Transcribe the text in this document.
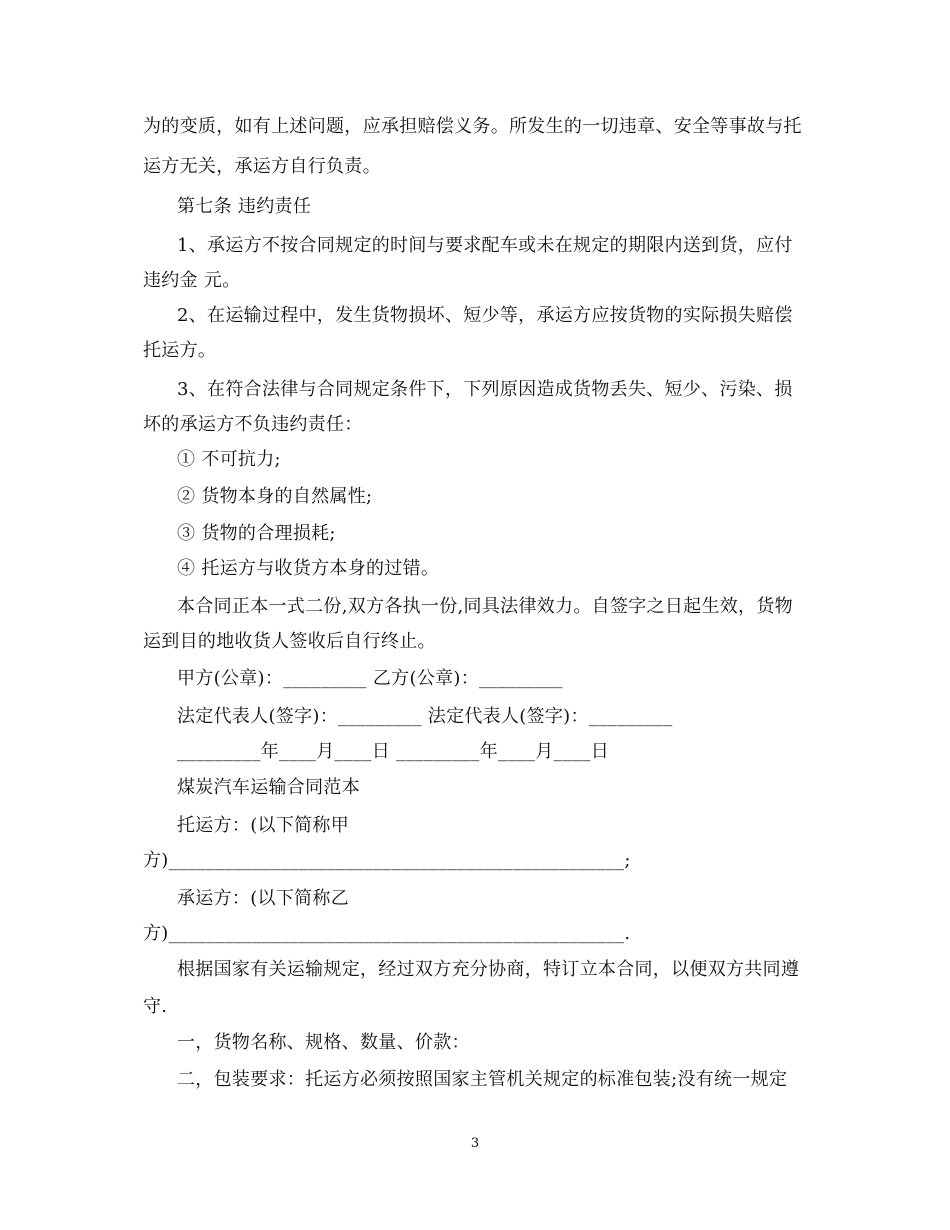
为的变质，如有上述问题，应承担赔偿义务。所发生的一切违章、安全等事故与托
运方无关，承运方自行负责。
第七条 违约责任
1、承运方不按合同规定的时间与要求配车或未在规定的期限内送到货，应付
违约金 元。
2、在运输过程中，发生货物损坏、短少等，承运方应按货物的实际损失赔偿
托运方。
3、在符合法律与合同规定条件下，下列原因造成货物丢失、短少、污染、损
坏的承运方不负违约责任：
① 不可抗力;
② 货物本身的自然属性;
③ 货物的合理损耗;
④ 托运方与收货方本身的过错。
本合同正本一式二份,双方各执一份,同具法律效力。自签字之日起生效，货物
运到目的地收货人签收后自行终止。
甲方(公章)：_________ 乙方(公章)：_________
法定代表人(签字)：_________ 法定代表人(签字)：_________
_________年____月____日 _________年____月____日
煤炭汽车运输合同范本
托运方：(以下简称甲
方)_________________________________________________;
承运方：(以下简称乙
方)_________________________________________________.
根据国家有关运输规定，经过双方充分协商，特订立本合同，以便双方共同遵
守.
一，货物名称、规格、数量、价款：
二，包装要求：托运方必须按照国家主管机关规定的标准包装;没有统一规定
3
